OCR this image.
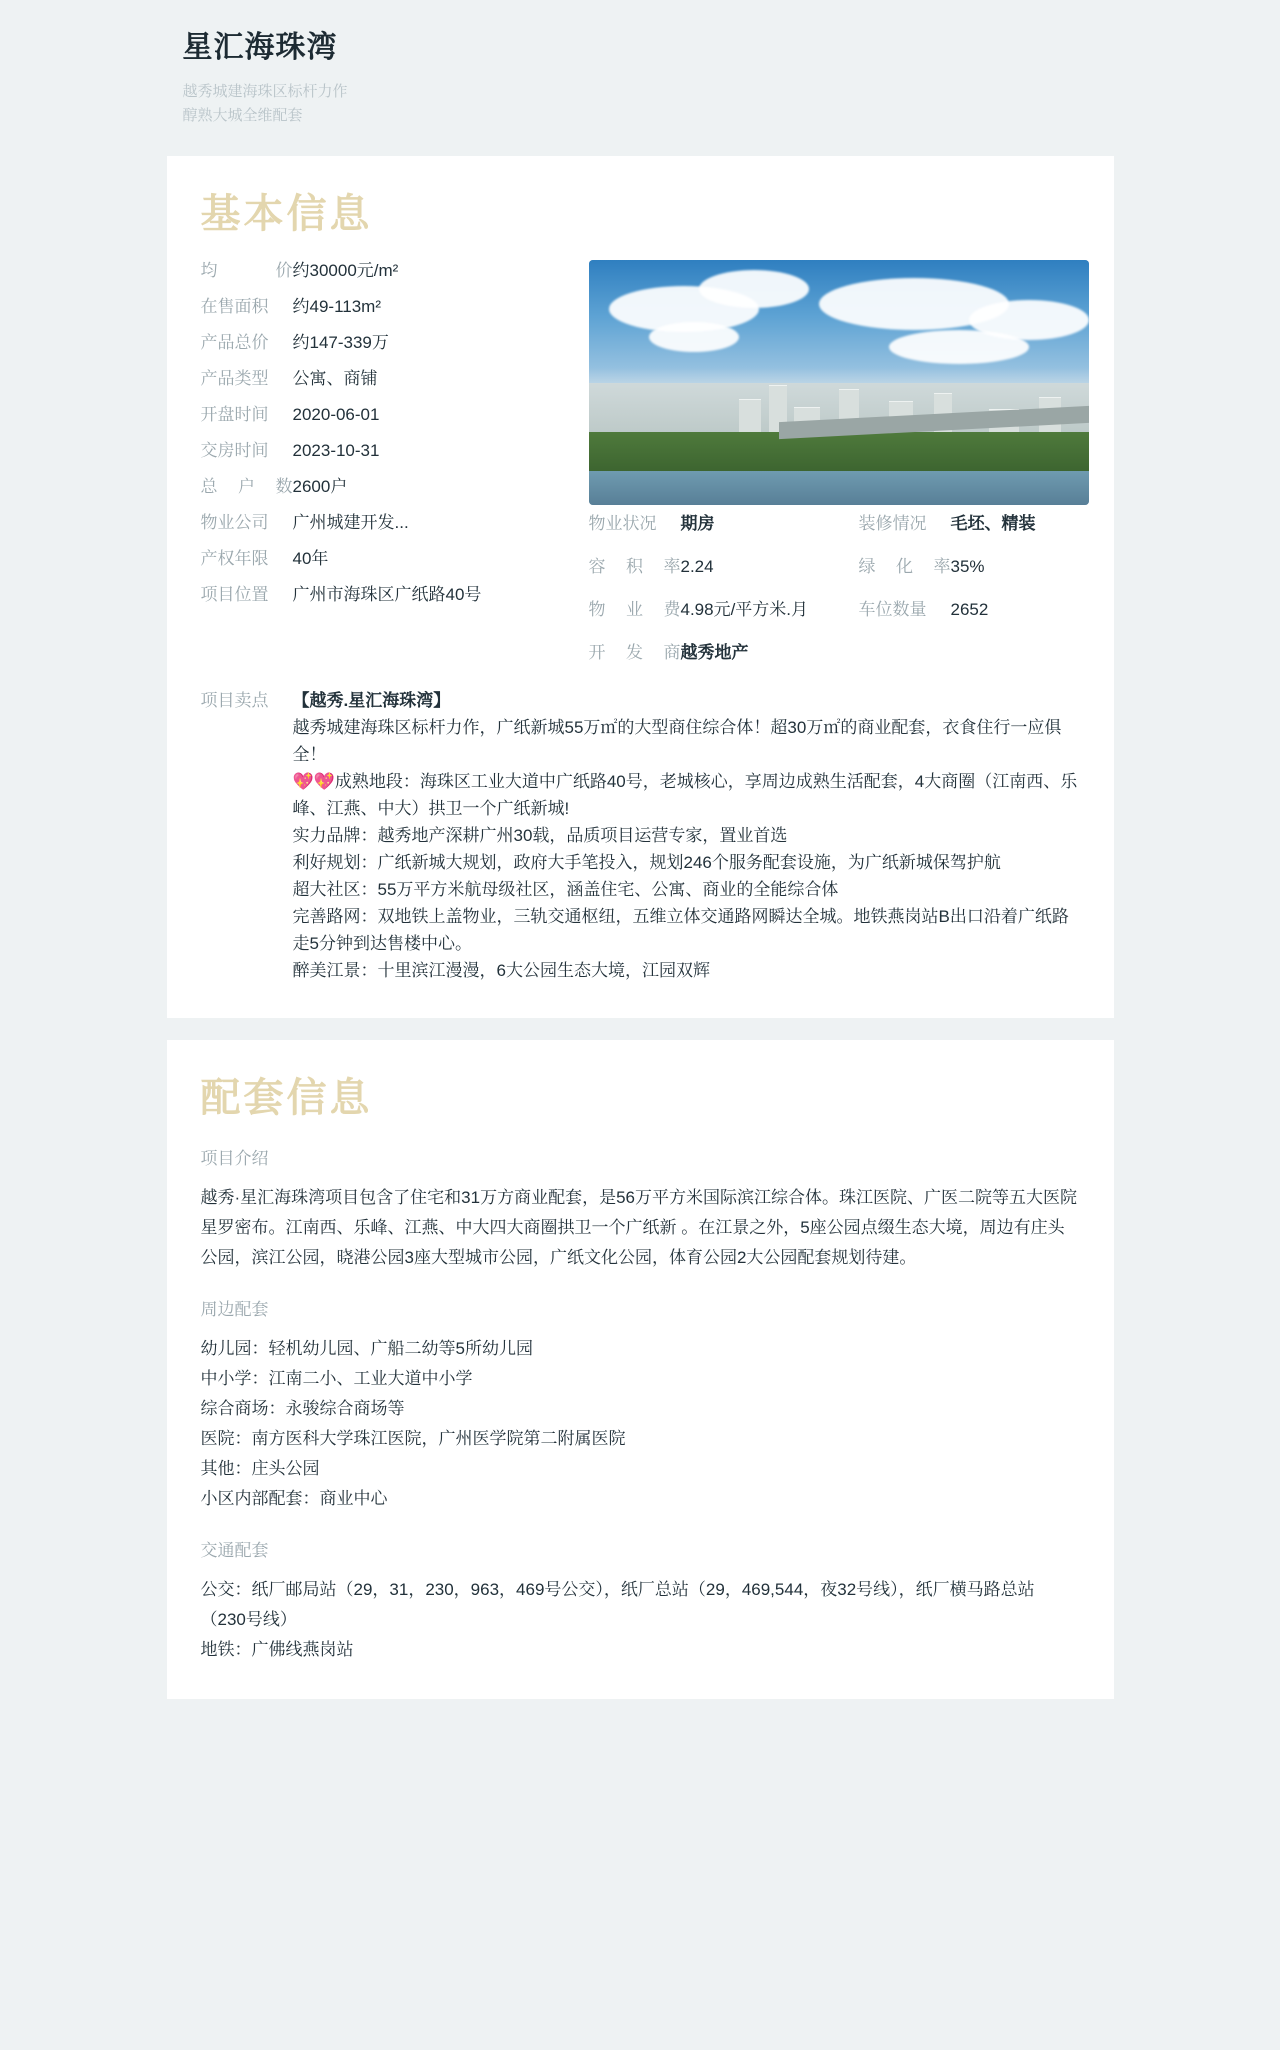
星汇海珠湾
越秀城建海珠区标杆力作
醇熟大城全维配套
基本信息
均价 约30000元/m²
在售面积	约49-113m²
产品总价	约147-339万
产品类型	公寓、商铺
开盘时间	2020-06-01
交房时间	2023-10-31
总户数 2600户
物业公司	广州城建开发...
产权年限	40年
项目位置	广州市海珠区广纸路40号
物业状况	期房	装修情况	毛坯、精装
容积率 2.24	绿化率 35%
物业费 4.98元/平方米.月	车位数量	2652
开发商 越秀地产
项目卖点	【越秀.星汇海珠湾】

越秀城建海珠区标杆力作，广纸新城55万㎡的大型商住综合体！超30万㎡的商业配套，衣食住行一应俱全！

💖💖成熟地段：海珠区工业大道中广纸路40号，老城核心，享周边成熟生活配套，4大商圈（江南西、乐峰、江燕、中大）拱卫一个广纸新城!

实力品牌：越秀地产深耕广州30载，品质项目运营专家，置业首选

利好规划：广纸新城大规划，政府大手笔投入，规划246个服务配套设施，为广纸新城保驾护航

超大社区：55万平方米航母级社区，涵盖住宅、公寓、商业的全能综合体

完善路网：双地铁上盖物业，三轨交通枢纽，五维立体交通路网瞬达全城。地铁燕岗站B出口沿着广纸路走5分钟到达售楼中心。

醉美江景：十里滨江漫漫，6大公园生态大境，江园双辉

配套信息
项目介绍

越秀·星汇海珠湾项目包含了住宅和31万方商业配套，是56万平方米国际滨江综合体。珠江医院、广医二院等五大医院星罗密布。江南西、乐峰、江燕、中大四大商圈拱卫一个广纸新 。在江景之外，5座公园点缀生态大境，周边有庄头公园，滨江公园，晓港公园3座大型城市公园，广纸文化公园，体育公园2大公园配套规划待建。

周边配套

幼儿园：轻机幼儿园、广船二幼等5所幼儿园

中小学：江南二小、工业大道中小学

综合商场：永骏综合商场等

医院：南方医科大学珠江医院，广州医学院第二附属医院

其他：庄头公园

小区内部配套：商业中心

交通配套

公交：纸厂邮局站（29，31，230，963，469号公交），纸厂总站（29，469,544，夜32号线），纸厂横马路总站（230号线）

地铁：广佛线燕岗站
